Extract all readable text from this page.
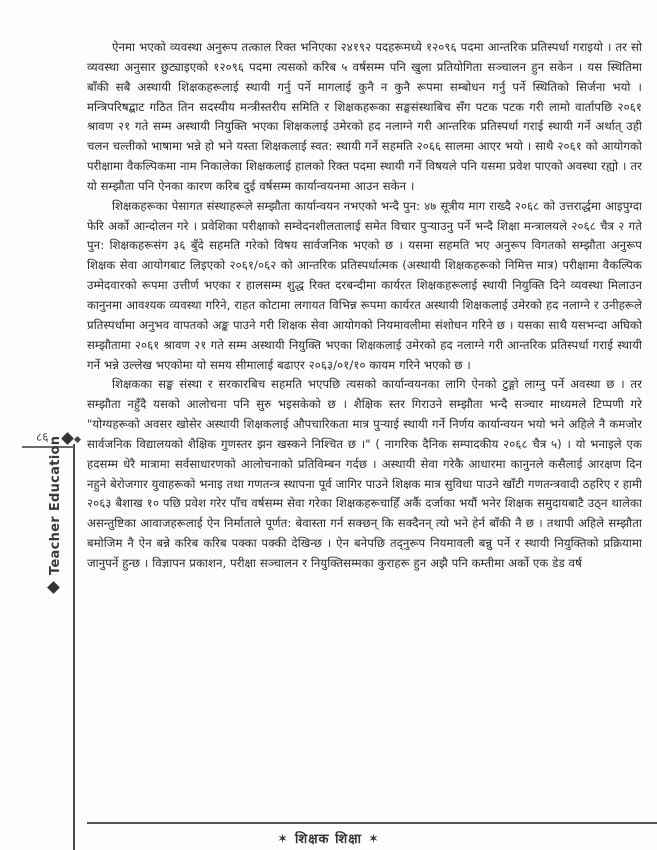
ऐनमा भएको व्यवस्था अनुरूप तत्काल रिक्त भनिएका २४१९२ पदहरूमध्ये १२०९६ पदमा आन्तरिक प्रतिस्पर्धा गराइयो । तर सो व्यवस्था अनुसार छुट्याइएको १२०९६ पदमा त्यसको करिब ५ वर्षसम्म पनि खुला प्रतियोगिता सञ्चालन हुन सकेन । यस स्थितिमा बाँकी सबै अस्थायी शिक्षकहरूलाई स्थायी गर्नु पर्ने मागलाई कुनै न कुनै रूपमा सम्बोधन गर्नु पर्ने स्थितिको सिर्जना भयो । मन्त्रिपरिषद्बाट गठित तिन सदस्यीय मन्त्रीस्तरीय समिति र शिक्षकहरूका सङ्घसंस्थाबिच सँग पटक पटक गरी लामो वार्तापछि २०६१ श्रावण २१ गते सम्म अस्थायी नियुक्ति भएका शिक्षकलाई उमेरको हद नलाग्ने गरी आन्तरिक प्रतिस्पर्धा गराई स्थायी गर्ने अर्थात् उही चलन चल्तीको भाषामा भन्ने हो भने यस्ता शिक्षकलाई स्वत: स्थायी गर्ने सहमति २०६६ सालमा आएर भयो । साथै २०६१ को आयोगको परीक्षामा वैकल्पिकमा नाम निकालेका शिक्षकलाई हालको रिक्त पदमा स्थायी गर्ने विषयले पनि यसमा प्रवेश पाएको अवस्था रह्यो । तर यो सम्झौता पनि ऐनका कारण करिब दुई वर्षसम्म कार्यान्वयनमा आउन सकेन ।

शिक्षकहरूका पेसागत संस्थाहरूले सम्झौता कार्यान्वयन नभएको भन्दै पुन: ४७ सूत्रीय माग राख्दै २०६८ को उत्तरार्द्धमा आइपुग्दा फेरि अर्को आन्दोलन गरे । प्रवेशिका परीक्षाको सम्वेदनशीलतालाई समेत विचार पुऱ्याउनु पर्ने भन्दै शिक्षा मन्त्रालयले २०६८ चैत्र २ गते पुन: शिक्षकहरूसंग ३६ बुँदे सहमति गरेको विषय सार्वजनिक भएको छ । यसमा सहमति भए अनुरूप विगतको सम्झौता अनुरूप शिक्षक सेवा आयोगबाट लिइएको २०६१/०६२ को आन्तरिक प्रतिस्पर्धात्मक (अस्थायी शिक्षकहरूको निमित्त मात्र) परीक्षामा वैकल्पिक उम्मेदवारको रूपमा उत्तीर्ण भएका र हालसम्म शुद्ध रिक्त दरबन्दीमा कार्यरत शिक्षकहरूलाई स्थायी नियुक्ति दिने व्यवस्था मिलाउन कानुनमा आवश्यक व्यवस्था गरिने, राहत कोटामा लगायत विभिन्न रूपमा कार्यरत अस्थायी शिक्षकलाई उमेरको हद नलाग्ने र उनीहरूले प्रतिस्पर्धामा अनुभव वापतको अङ्क पाउने गरी शिक्षक सेवा आयोगको नियमावलीमा संशोधन गरिने छ । यसका साथै यसभन्दा अघिको सम्झौतामा २०६१ श्रावण २१ गते सम्म अस्थायी नियुक्ति भएका शिक्षकलाई उमेरको हद नलाग्ने गरी आन्तरिक प्रतिस्पर्धा गराई स्थायी गर्ने भन्ने उल्लेख भएकोमा यो समय सीमालाई बढाएर २०६३/०१/१० कायम गरिने भएको छ ।

शिक्षकका सङ्घ संस्था र सरकारबिच सहमति भएपछि त्यसको कार्यान्वयनका लागि ऐनको टुङ्गो लाग्नु पर्ने अवस्था छ । तर सम्झौता नहुँदै यसको आलोचना पनि सुरु भइसकेको छ । शैक्षिक स्तर गिराउने सम्झौता भन्दै सञ्चार माध्यमले टिप्पणी गरे "योग्यहरूको अवसर खोसेर अस्थायी शिक्षकलाई औपचारिकता मात्र पुऱ्याई स्थायी गर्ने निर्णय कार्यान्वयन भयो भने अहिले नै कमजोर सार्वजनिक विद्यालयको शैक्षिक गुणस्तर झन खस्कने निश्चित छ ।" ( नागरिक दैनिक सम्पादकीय २०६८ चैत्र ५) । यो भनाइले एक हदसम्म धेरै मात्रामा सर्वसाधारणको आलोचनाको प्रतिविम्बन गर्दछ । अस्थायी सेवा गरेकै आधारमा कानुनले कसैलाई आरक्षण दिन नहुने बेरोजगार युवाहरूको भनाइ तथा गणतन्त्र स्थापना पूर्व जागिर पाउने शिक्षक मात्र सुविधा पाउने खाँटी गणतन्त्रवादी ठहरिए र हामी २०६३ बैशाख १० पछि प्रवेश गरेर पाँच वर्षसम्म सेवा गरेका शिक्षकहरूचाहिँ अर्कै दर्जाका भयौं भनेर शिक्षक समुदायबाटै उठ्न थालेका असन्तुष्टिका आवाजहरूलाई ऐन निर्माताले पूर्णत: बेवास्ता गर्न सक्छन् कि सक्दैनन् त्यो भने हेर्न बाँकी नै छ । तथापी अहिले सम्झौता बमोजिम नै ऐन बन्ने करिब करिब पक्का पक्की देखिन्छ । ऐन बनेपछि तद्नुरूप नियमावली बन्नु पर्ने र स्थायी नियुक्तिको प्रक्रियामा जानुपर्ने हुन्छ । विज्ञापन प्रकाशन, परीक्षा सञ्चालन र नियुक्तिसम्मका कुराहरू हुन अझै पनि कम्तीमा अर्को एक डेड वर्ष

८६ Teacher Education
✶ शिक्षक शिक्षा ✶
